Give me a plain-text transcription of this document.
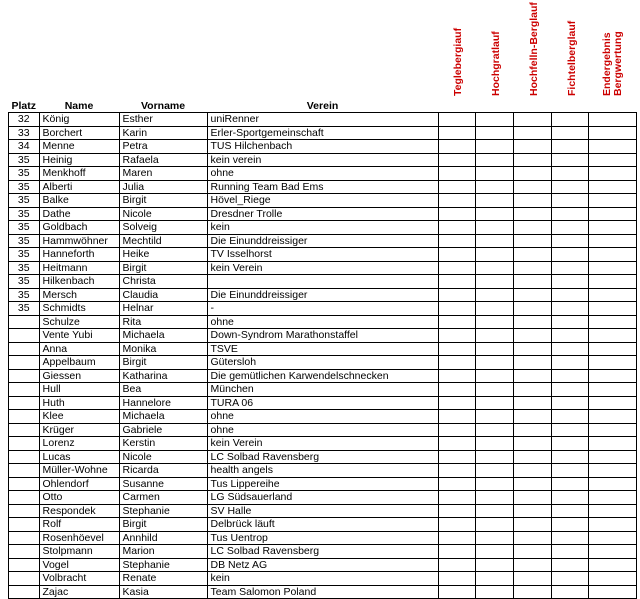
Teglebergiauf Hochgratlauf Hochfelln-Berglauf Fichtelberglauf Endergebnis Bergwertung
Platz	Name	Vorname	Verein					
32	König	Esther	uniRenner					
33	Borchert	Karin	Erler-Sportgemeinschaft					
34	Menne	Petra	TUS Hilchenbach					
35	Heinig	Rafaela	kein verein					
35	Menkhoff	Maren	ohne					
35	Alberti	Julia	Running Team Bad Ems					
35	Balke	Birgit	Hövel_Riege					
35	Dathe	Nicole	Dresdner Trolle					
35	Goldbach	Solveig	kein					
35	Hammwöhner	Mechtild	Die Einunddreissiger					
35	Hanneforth	Heike	TV Isselhorst					
35	Heitmann	Birgit	kein Verein					
35	Hilkenbach	Christa						
35	Mersch	Claudia	Die Einunddreissiger					
35	Schmidts	Helnar	-					
	Schulze	Rita	ohne					
	Vente Yubi	Michaela	Down-Syndrom Marathonstaffel					
	Anna	Monika	TSVE					
	Appelbaum	Birgit	Gütersloh					
	Giessen	Katharina	Die gemütlichen Karwendelschnecken					
	Hull	Bea	München					
	Huth	Hannelore	TURA 06					
	Klee	Michaela	ohne					
	Krüger	Gabriele	ohne					
	Lorenz	Kerstin	kein Verein					
	Lucas	Nicole	LC Solbad Ravensberg					
	Müller-Wohne	Ricarda	health angels					
	Ohlendorf	Susanne	Tus Lippereihe					
	Otto	Carmen	LG Südsauerland					
	Respondek	Stephanie	SV Halle					
	Rolf	Birgit	Delbrück läuft					
	Rosenhöevel	Annhild	Tus Uentrop					
	Stolpmann	Marion	LC Solbad Ravensberg					
	Vogel	Stephanie	DB Netz AG					
	Volbracht	Renate	kein					
	Zajac	Kasia	Team Salomon Poland					
